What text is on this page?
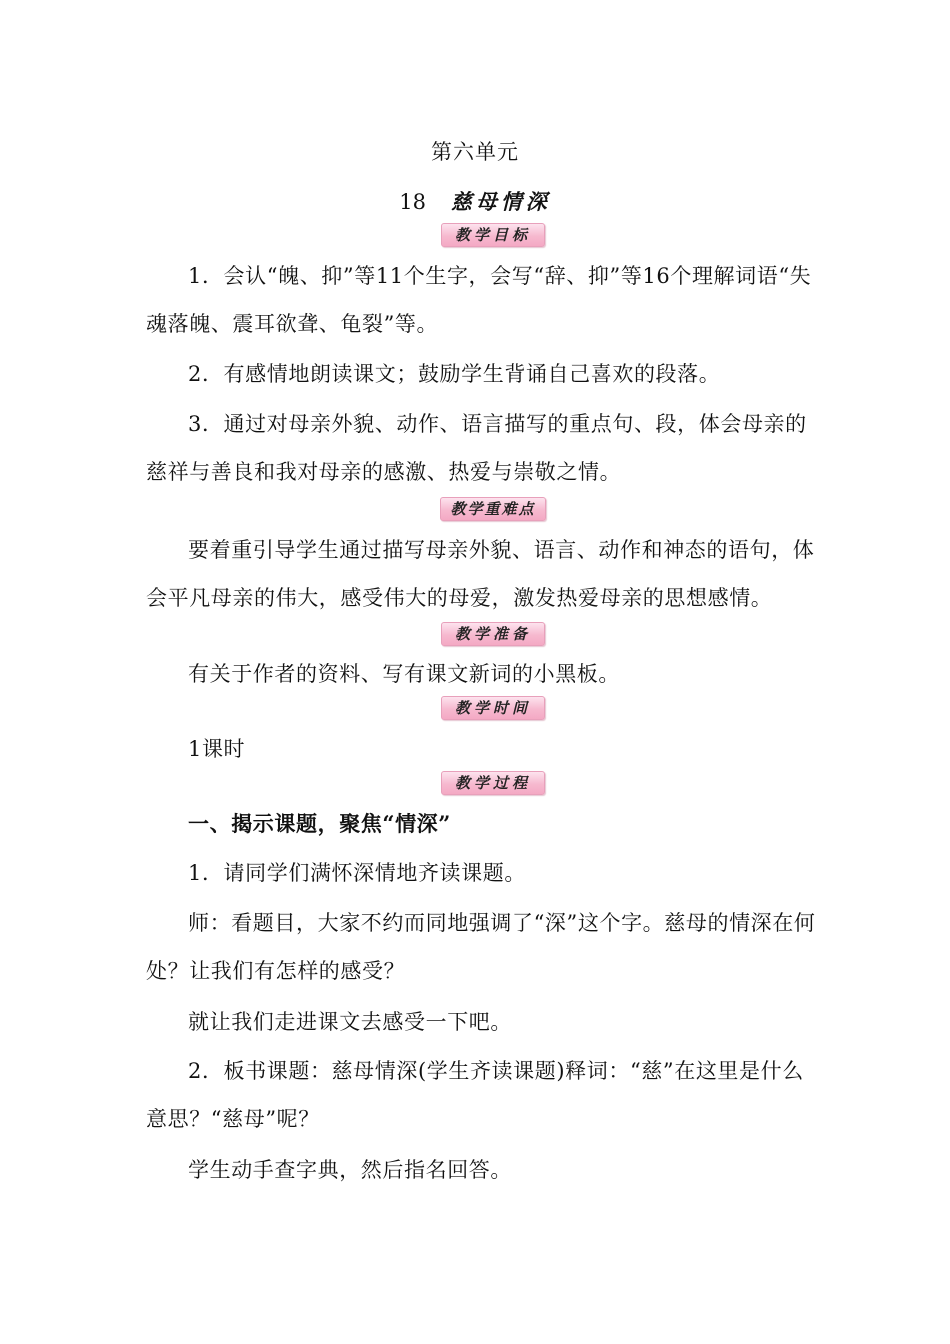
第六单元
18 慈母情深
教学目标
1．会认“魄、抑”等11个生字，会写“辞、抑”等16个理解词语“失魂落魄、震耳欲聋、龟裂”等。
2．有感情地朗读课文；鼓励学生背诵自己喜欢的段落。
3．通过对母亲外貌、动作、语言描写的重点句、段，体会母亲的慈祥与善良和我对母亲的感激、热爱与崇敬之情。
教学重难点
要着重引导学生通过描写母亲外貌、语言、动作和神态的语句，体会平凡母亲的伟大，感受伟大的母爱，激发热爱母亲的思想感情。
教学准备
有关于作者的资料、写有课文新词的小黑板。
教学时间
1课时
教学过程
一、揭示课题，聚焦“情深”
1．请同学们满怀深情地齐读课题。
师：看题目，大家不约而同地强调了“深”这个字。慈母的情深在何处？让我们有怎样的感受？
就让我们走进课文去感受一下吧。
2．板书课题：慈母情深(学生齐读课题)释词：“慈”在这里是什么意思？“慈母”呢？
学生动手查字典，然后指名回答。
